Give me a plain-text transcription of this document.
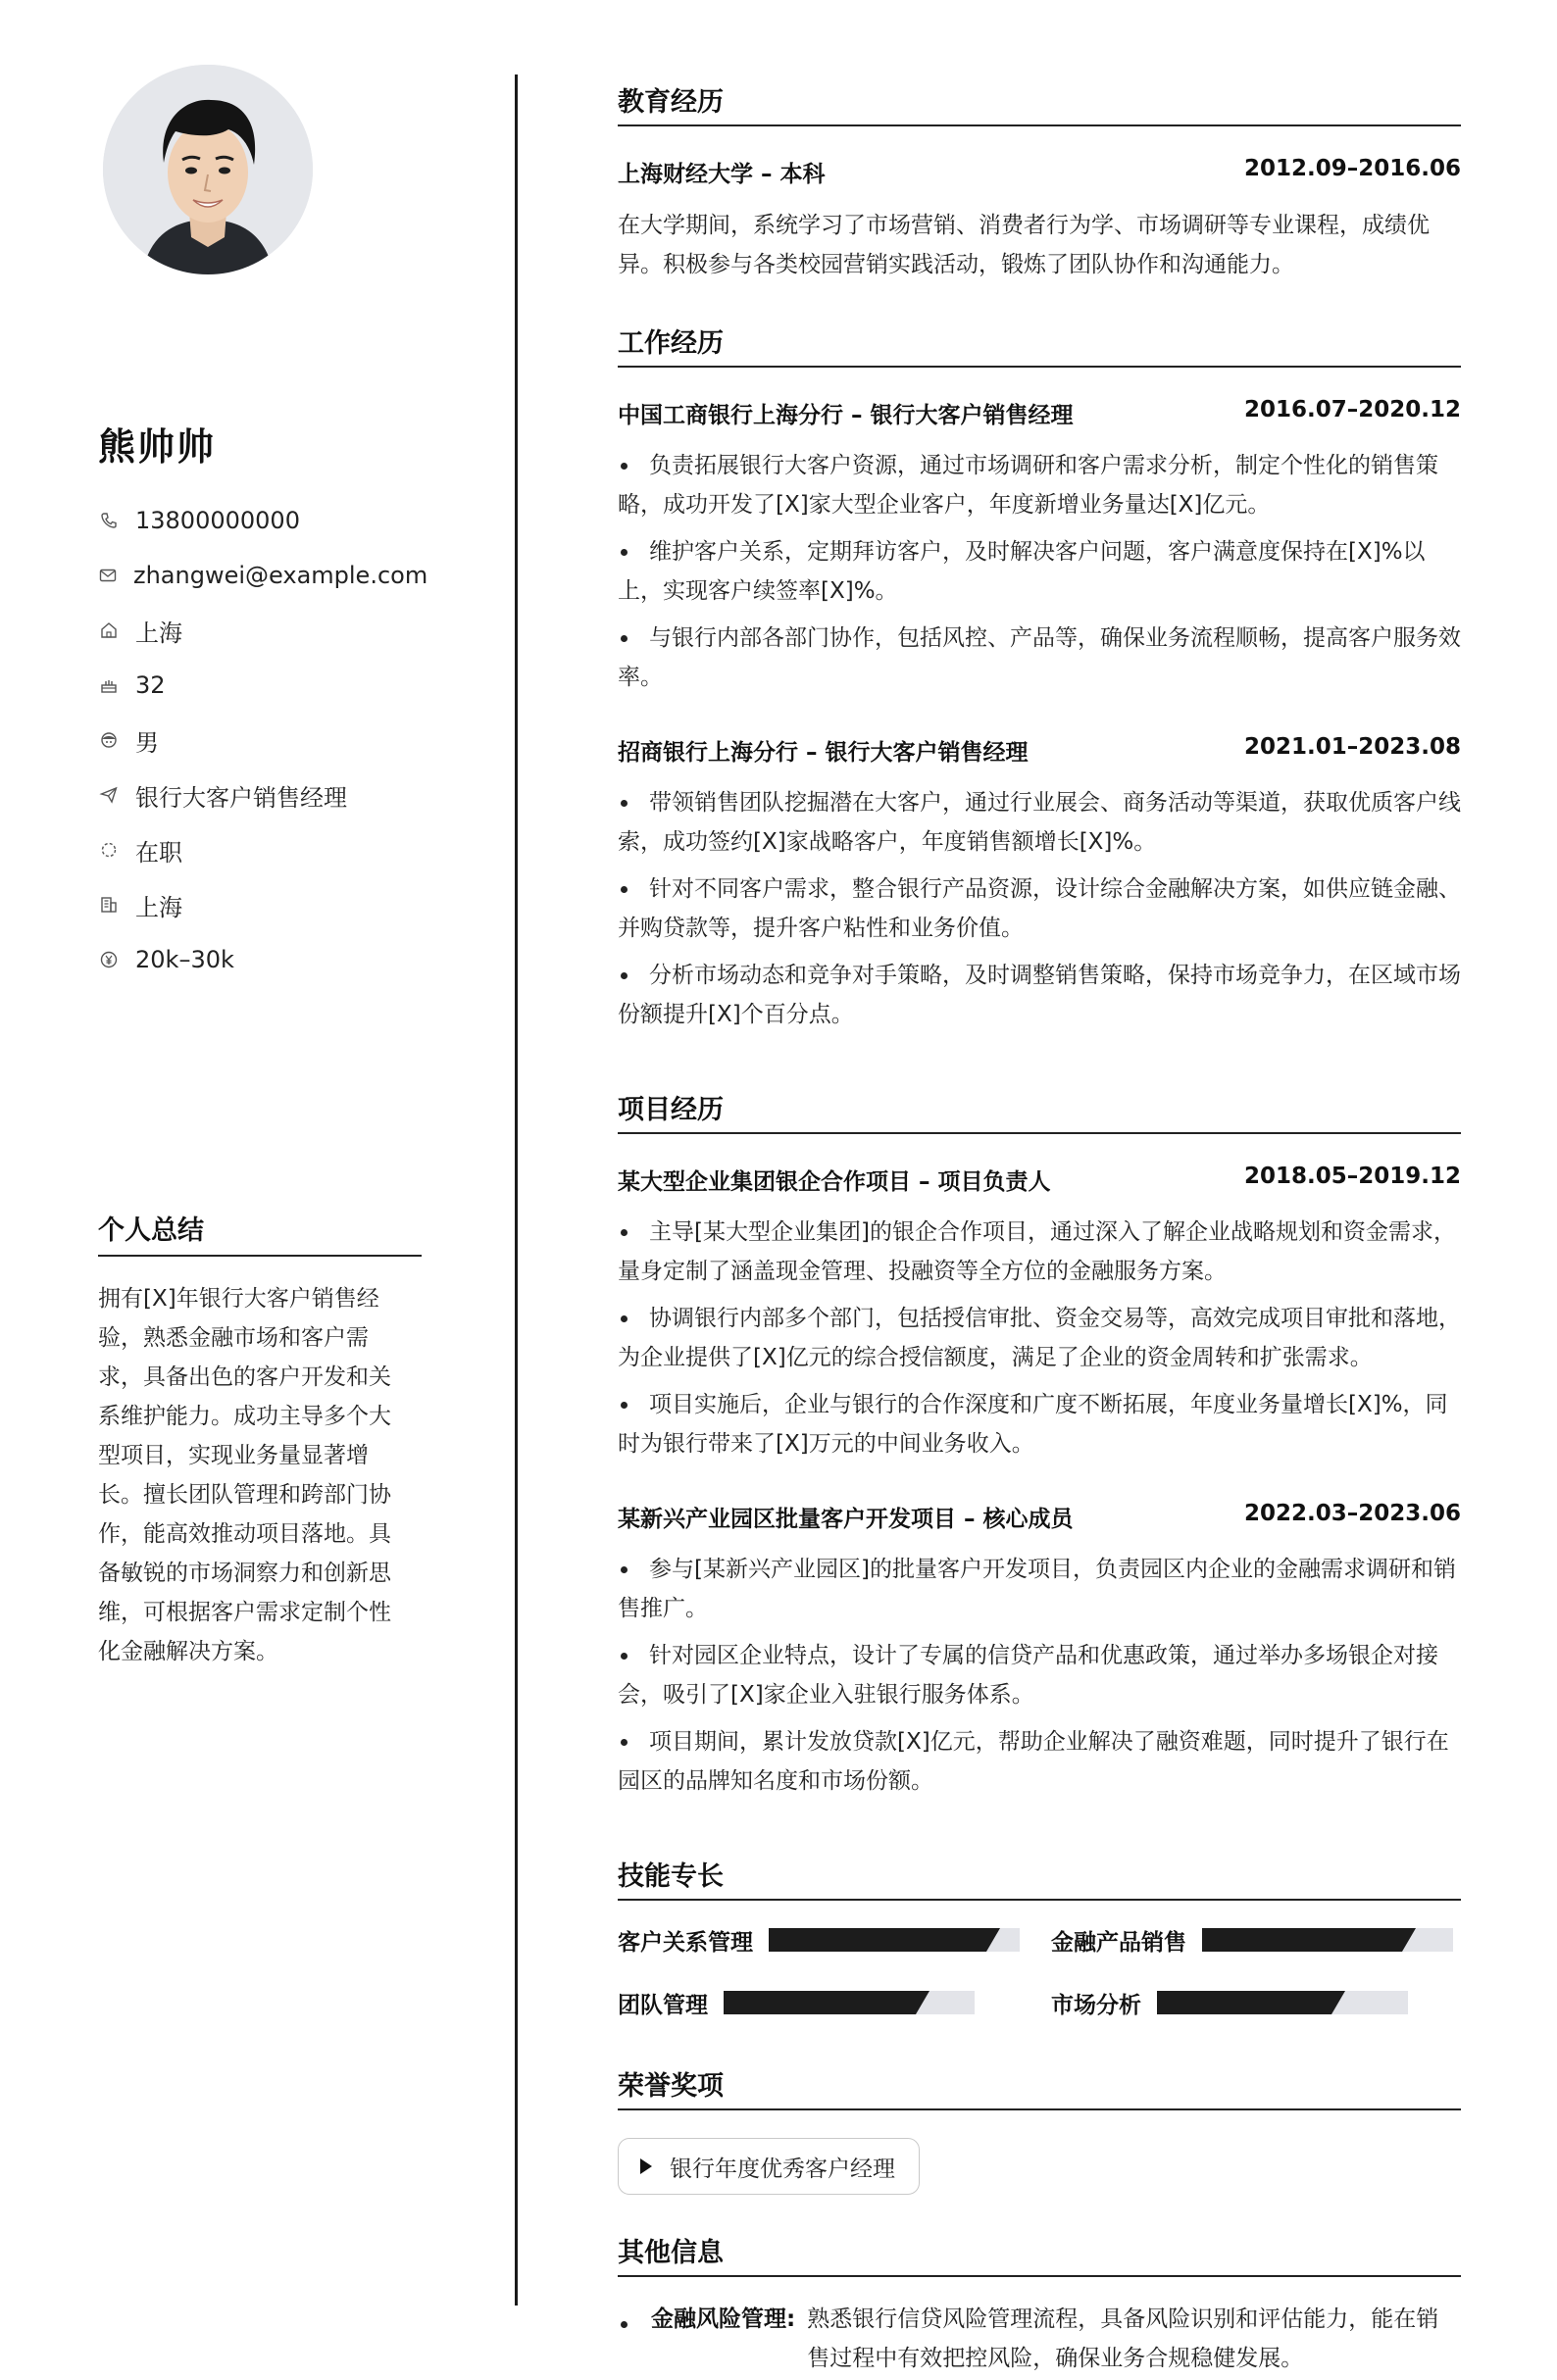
熊帅帅
13800000000
zhangwei@example.com
上海
32
男
银行大客户销售经理
在职
上海
20k–30k
个人总结
拥有[X]年银行大客户销售经验，熟悉金融市场和客户需求，具备出色的客户开发和关系维护能力。成功主导多个大型项目，实现业务量显著增长。擅长团队管理和跨部门协作，能高效推动项目落地。具备敏锐的市场洞察力和创新思维，可根据客户需求定制个性化金融解决方案。
教育经历
上海财经大学 – 本科	2012.09–2016.06
在大学期间，系统学习了市场营销、消费者行为学、市场调研等专业课程，成绩优异。积极参与各类校园营销实践活动，锻炼了团队协作和沟通能力。
工作经历
中国工商银行上海分行 – 银行大客户销售经理	2016.07–2020.12
负责拓展银行大客户资源，通过市场调研和客户需求分析，制定个性化的销售策略，成功开发了[X]家大型企业客户，年度新增业务量达[X]亿元。
维护客户关系，定期拜访客户，及时解决客户问题，客户满意度保持在[X]%以上，实现客户续签率[X]%。
与银行内部各部门协作，包括风控、产品等，确保业务流程顺畅，提高客户服务效率。
招商银行上海分行 – 银行大客户销售经理	2021.01–2023.08
带领销售团队挖掘潜在大客户，通过行业展会、商务活动等渠道，获取优质客户线索，成功签约[X]家战略客户，年度销售额增长[X]%。
针对不同客户需求，整合银行产品资源，设计综合金融解决方案，如供应链金融、并购贷款等，提升客户粘性和业务价值。
分析市场动态和竞争对手策略，及时调整销售策略，保持市场竞争力，在区域市场份额提升[X]个百分点。
项目经历
某大型企业集团银企合作项目 – 项目负责人	2018.05–2019.12
主导[某大型企业集团]的银企合作项目，通过深入了解企业战略规划和资金需求，量身定制了涵盖现金管理、投融资等全方位的金融服务方案。
协调银行内部多个部门，包括授信审批、资金交易等，高效完成项目审批和落地，为企业提供了[X]亿元的综合授信额度，满足了企业的资金周转和扩张需求。
项目实施后，企业与银行的合作深度和广度不断拓展，年度业务量增长[X]%，同时为银行带来了[X]万元的中间业务收入。
某新兴产业园区批量客户开发项目 – 核心成员	2022.03–2023.06
参与[某新兴产业园区]的批量客户开发项目，负责园区内企业的金融需求调研和销售推广。
针对园区企业特点，设计了专属的信贷产品和优惠政策，通过举办多场银企对接会，吸引了[X]家企业入驻银行服务体系。
项目期间，累计发放贷款[X]亿元，帮助企业解决了融资难题，同时提升了银行在园区的品牌知名度和市场份额。
技能专长
客户关系管理	金融产品销售
团队管理	市场分析
荣誉奖项
银行年度优秀客户经理
其他信息
金融风险管理: 熟悉银行信贷风险管理流程，具备风险识别和评估能力，能在销售过程中有效把控风险，确保业务合规稳健发展。
